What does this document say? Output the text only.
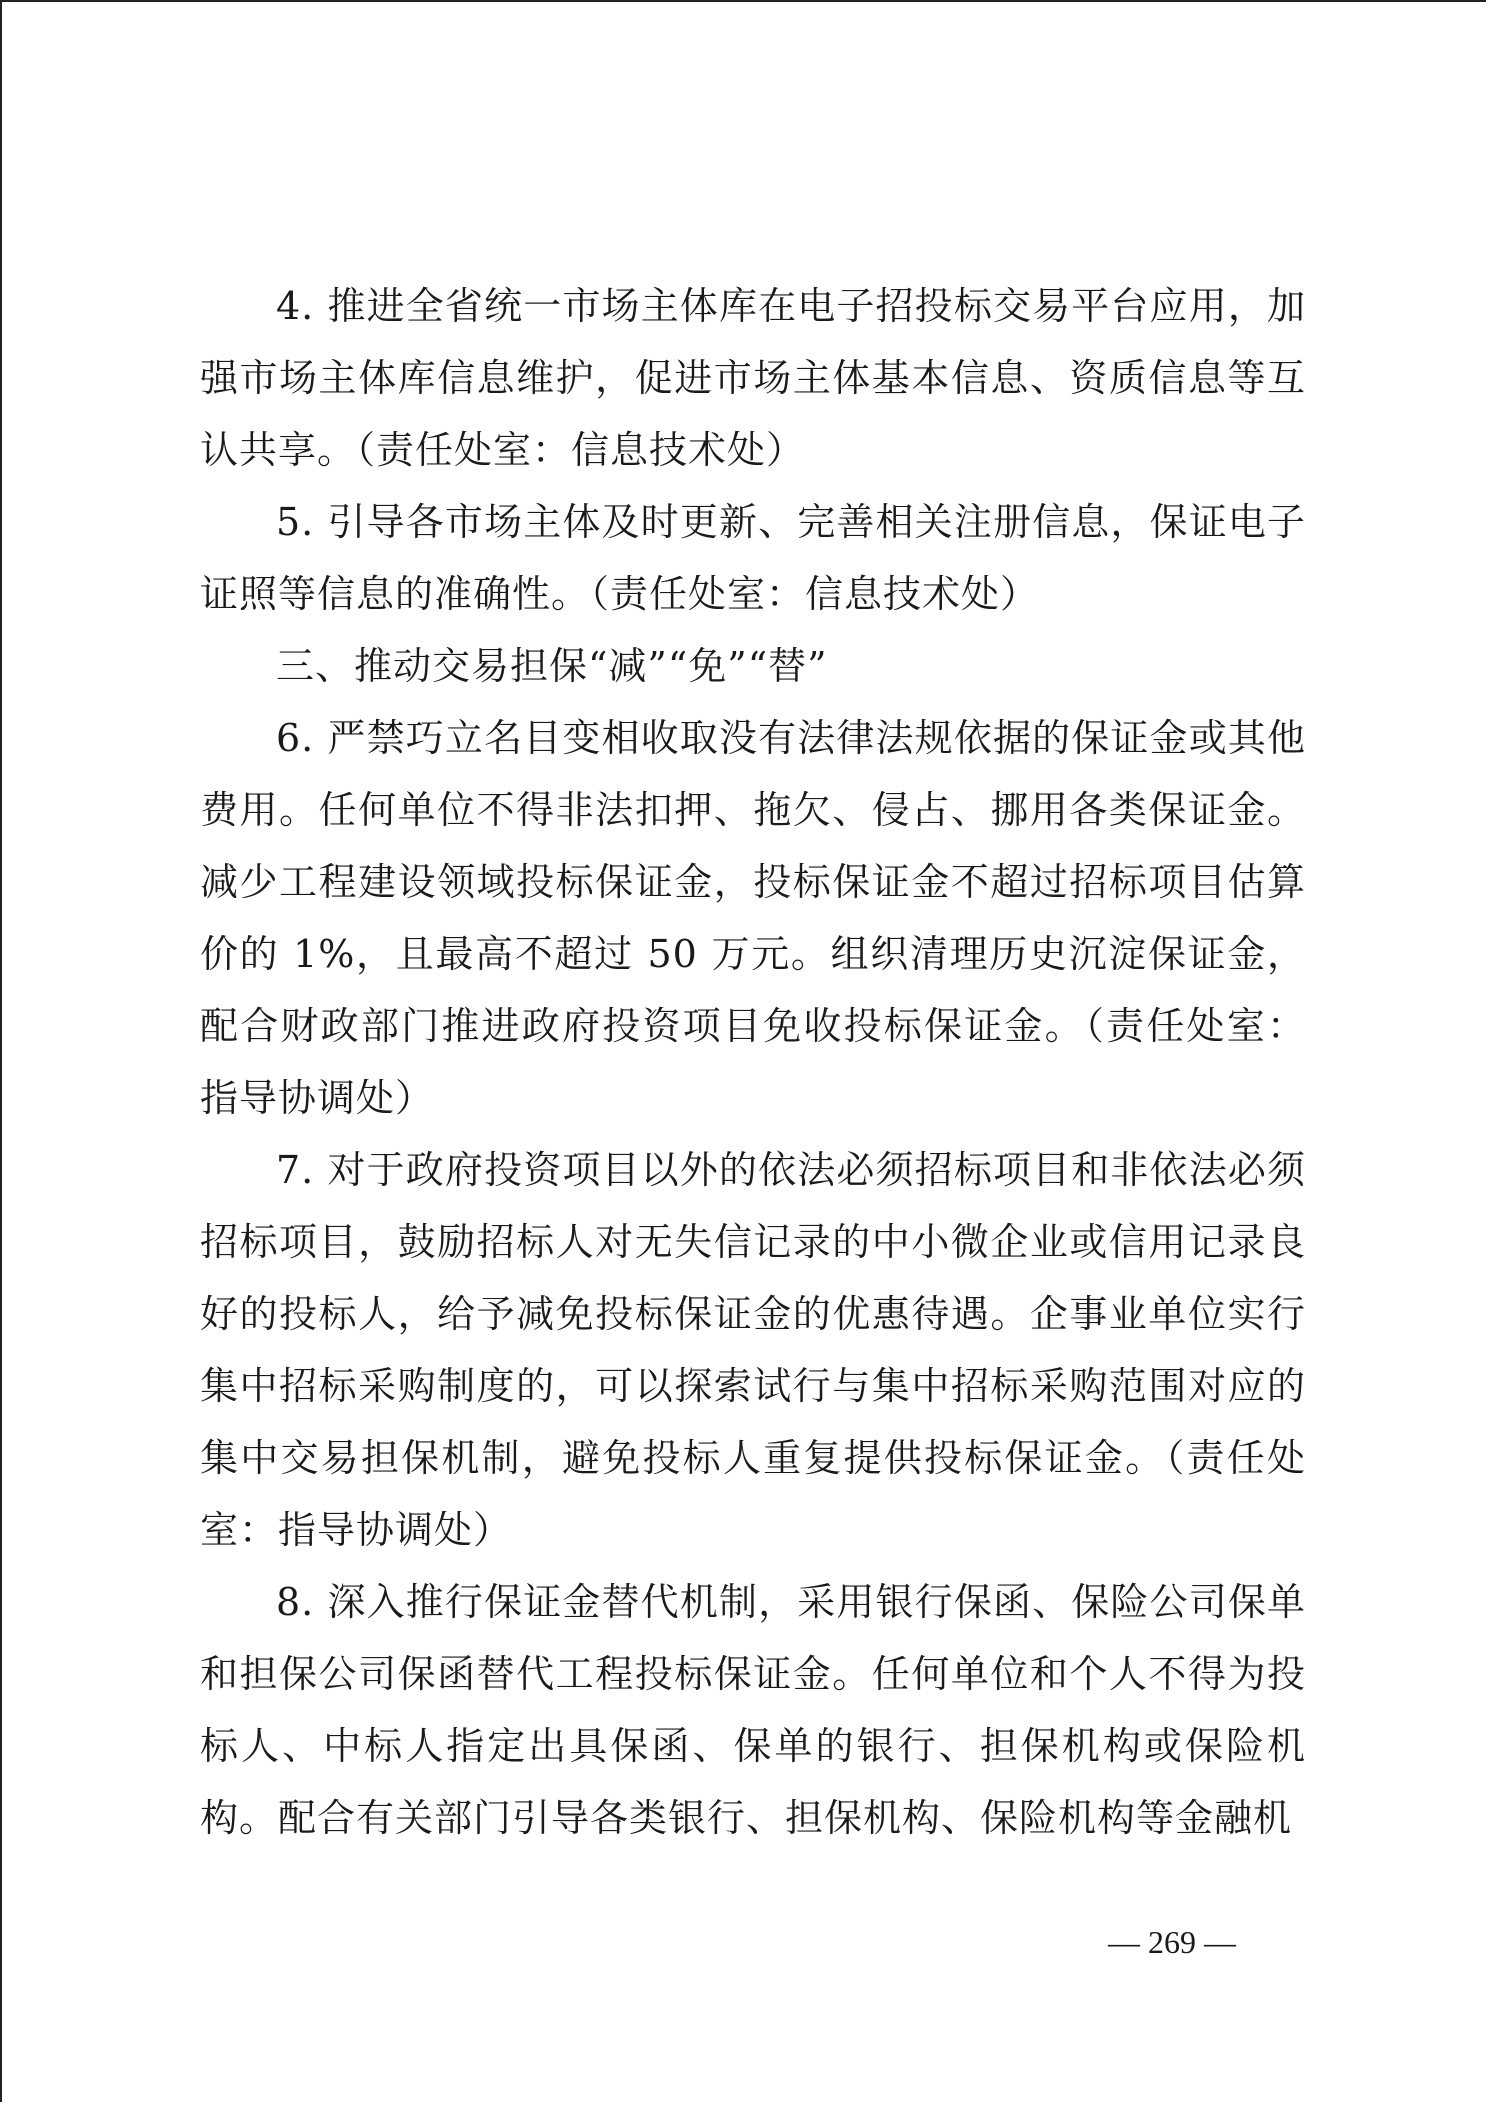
4. 推进全省统一市场主体库在电子招投标交易平台应用，加强市场主体库信息维护，促进市场主体基本信息、资质信息等互认共享。（责任处室：信息技术处）

5. 引导各市场主体及时更新、完善相关注册信息，保证电子证照等信息的准确性。（责任处室：信息技术处）

三、推动交易担保“减”“免”“替”

6. 严禁巧立名目变相收取没有法律法规依据的保证金或其他费用。任何单位不得非法扣押、拖欠、侵占、挪用各类保证金。减少工程建设领域投标保证金，投标保证金不超过招标项目估算价的 1%，且最高不超过 50 万元。组织清理历史沉淀保证金，配合财政部门推进政府投资项目免收投标保证金。（责任处室：指导协调处）

7. 对于政府投资项目以外的依法必须招标项目和非依法必须招标项目，鼓励招标人对无失信记录的中小微企业或信用记录良好的投标人，给予减免投标保证金的优惠待遇。企事业单位实行集中招标采购制度的，可以探索试行与集中招标采购范围对应的集中交易担保机制，避免投标人重复提供投标保证金。（责任处室：指导协调处）

8. 深入推行保证金替代机制，采用银行保函、保险公司保单和担保公司保函替代工程投标保证金。任何单位和个人不得为投标人、中标人指定出具保函、保单的银行、担保机构或保险机构。配合有关部门引导各类银行、担保机构、保险机构等金融机

— 269 —
